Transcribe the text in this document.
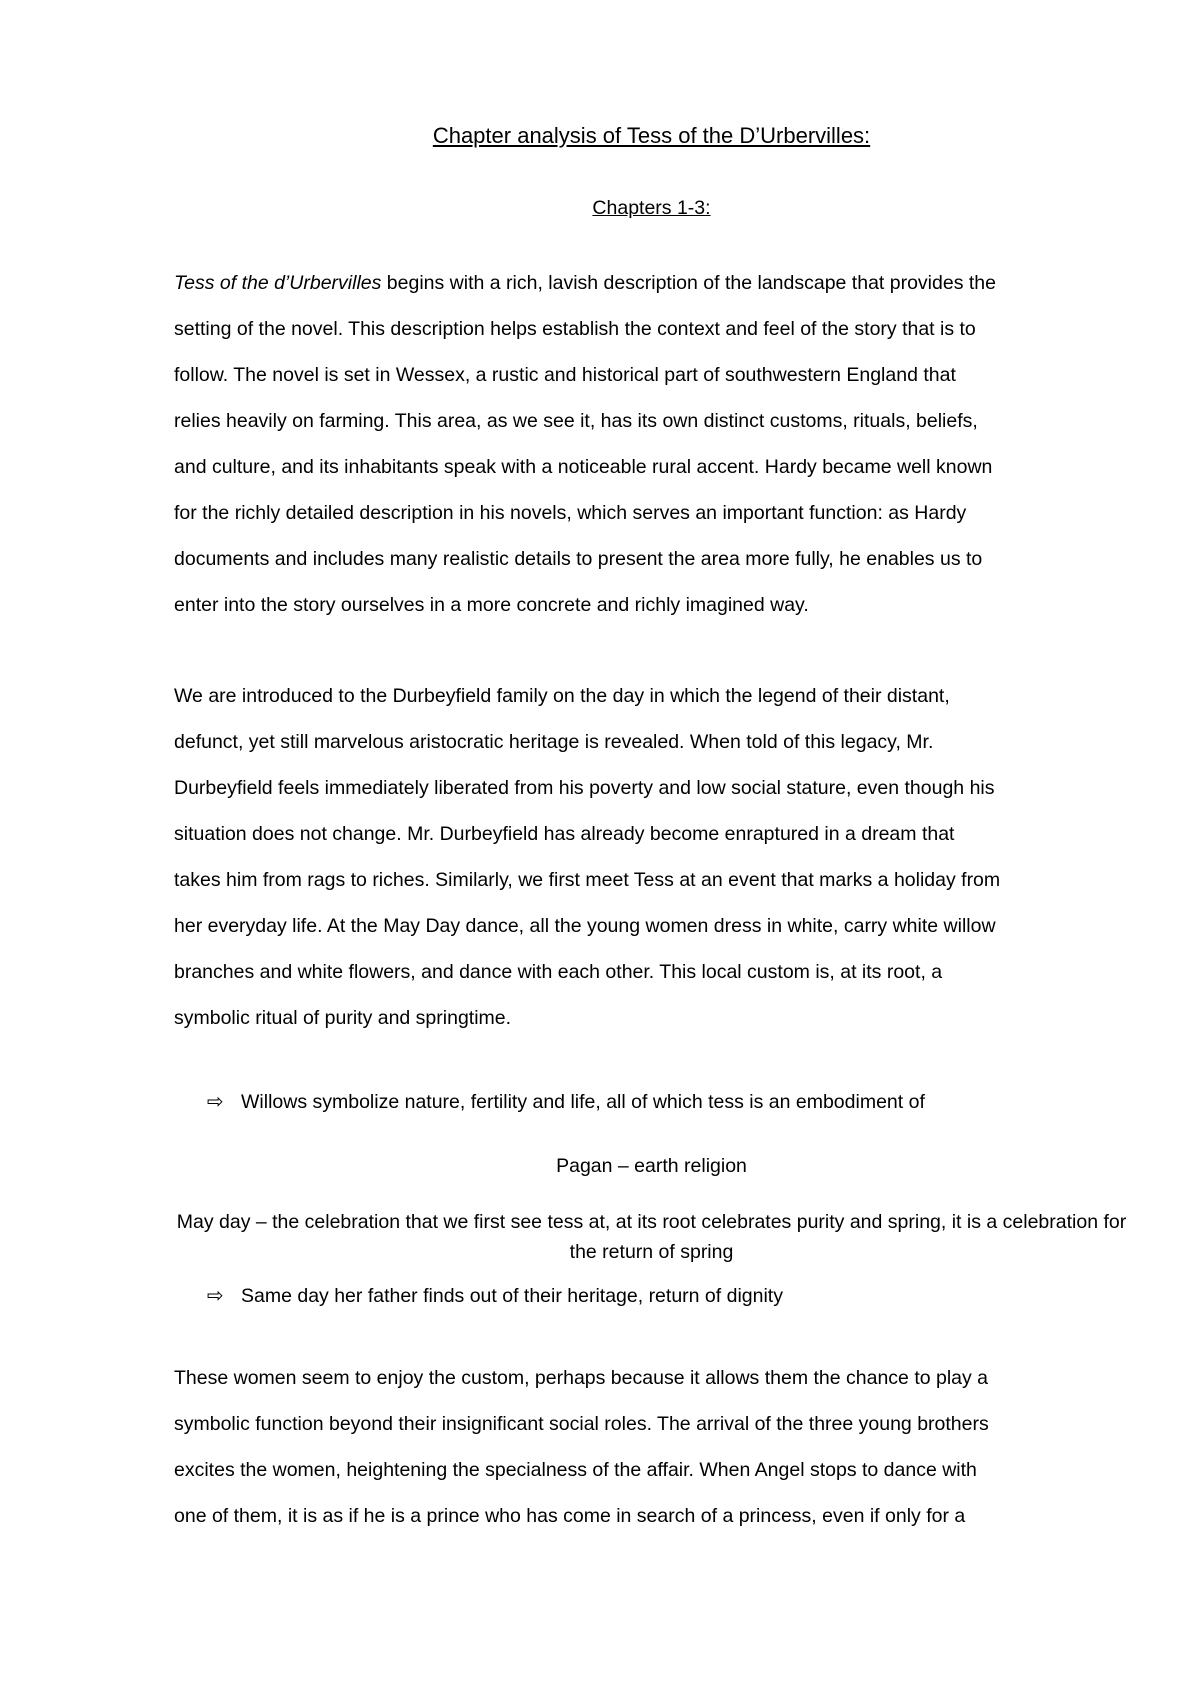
Chapter analysis of Tess of the D’Urbervilles:
Chapters 1-3:
Tess of the d’Urbervilles begins with a rich, lavish description of the landscape that provides the
setting of the novel. This description helps establish the context and feel of the story that is to
follow. The novel is set in Wessex, a rustic and historical part of southwestern England that
relies heavily on farming. This area, as we see it, has its own distinct customs, rituals, beliefs,
and culture, and its inhabitants speak with a noticeable rural accent. Hardy became well known
for the richly detailed description in his novels, which serves an important function: as Hardy
documents and includes many realistic details to present the area more fully, he enables us to
enter into the story ourselves in a more concrete and richly imagined way.
We are introduced to the Durbeyfield family on the day in which the legend of their distant,
defunct, yet still marvelous aristocratic heritage is revealed. When told of this legacy, Mr.
Durbeyfield feels immediately liberated from his poverty and low social stature, even though his
situation does not change. Mr. Durbeyfield has already become enraptured in a dream that
takes him from rags to riches. Similarly, we first meet Tess at an event that marks a holiday from
her everyday life. At the May Day dance, all the young women dress in white, carry white willow
branches and white flowers, and dance with each other. This local custom is, at its root, a
symbolic ritual of purity and springtime.
⇨ Willows symbolize nature, fertility and life, all of which tess is an embodiment of
Pagan – earth religion
May day – the celebration that we first see tess at, at its root celebrates purity and spring, it is a celebration for the return of spring
⇨ Same day her father finds out of their heritage, return of dignity
These women seem to enjoy the custom, perhaps because it allows them the chance to play a
symbolic function beyond their insignificant social roles. The arrival of the three young brothers
excites the women, heightening the specialness of the affair. When Angel stops to dance with
one of them, it is as if he is a prince who has come in search of a princess, even if only for a
